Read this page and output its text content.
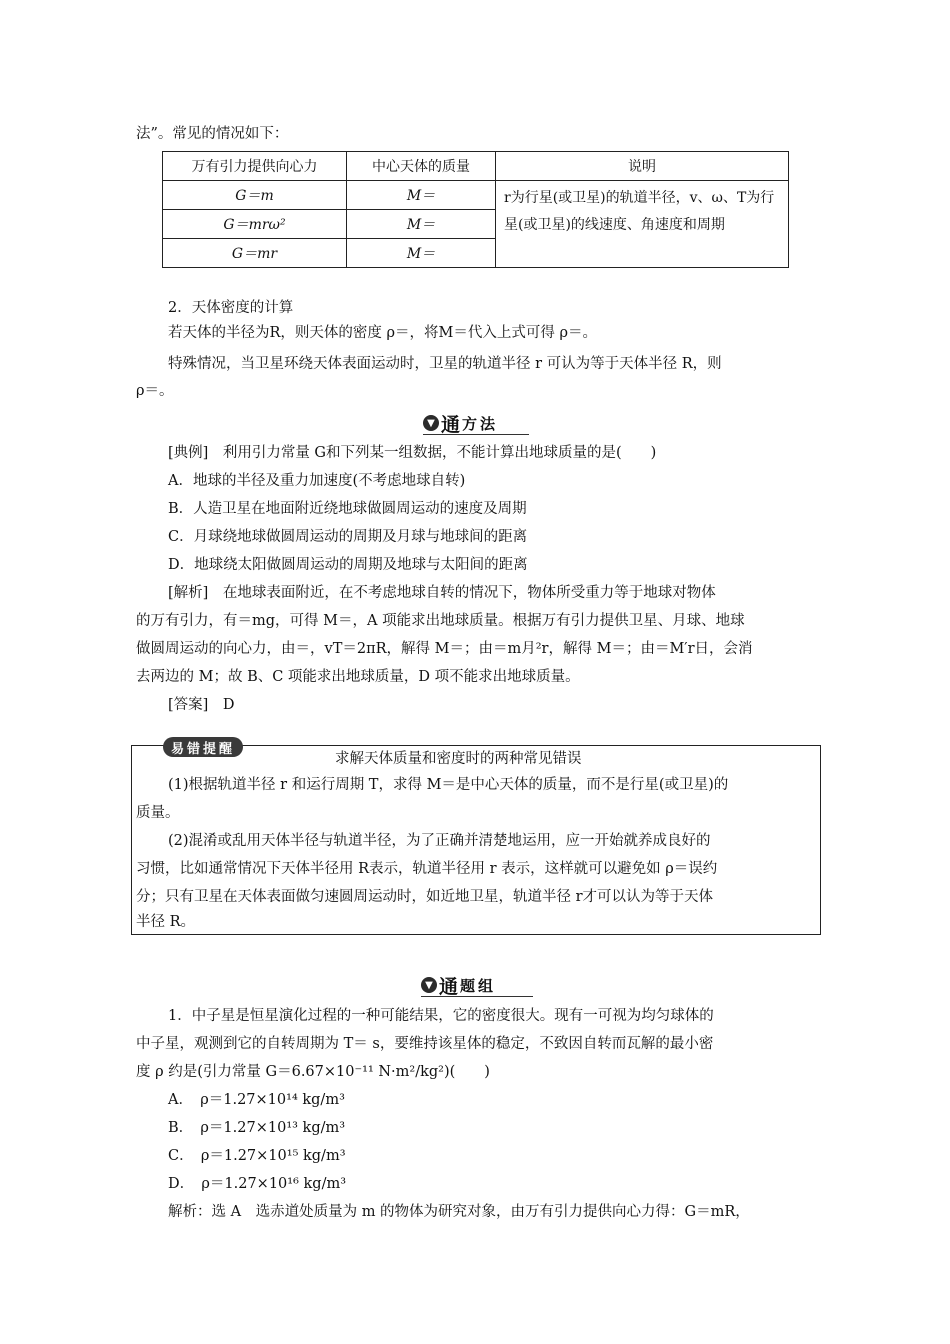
法”。常见的情况如下：
万有引力提供向心力	中心天体的质量	说明
G＝m	M＝	r为行星(或卫星)的轨道半径，v、ω、T为行星(或卫星)的线速度、角速度和周期
G＝mrω²	M＝	
G＝mr	M＝	
2．天体密度的计算
若天体的半径为R，则天体的密度 ρ＝，将M＝代入上式可得 ρ＝。
特殊情况，当卫星环绕天体表面运动时，卫星的轨道半径 r 可认为等于天体半径 R，则
ρ＝。
▼ 通 方法
[典例]　利用引力常量 G和下列某一组数据，不能计算出地球质量的是(　　)
A．地球的半径及重力加速度(不考虑地球自转)
B．人造卫星在地面附近绕地球做圆周运动的速度及周期
C．月球绕地球做圆周运动的周期及月球与地球间的距离
D．地球绕太阳做圆周运动的周期及地球与太阳间的距离
[解析]　在地球表面附近，在不考虑地球自转的情况下，物体所受重力等于地球对物体
的万有引力，有＝mg，可得 M＝，A 项能求出地球质量。根据万有引力提供卫星、月球、地球
做圆周运动的向心力，由＝，vT＝2πR，解得 M＝；由＝m月²r，解得 M＝；由＝M′r日，会消
去两边的 M；故 B、C 项能求出地球质量，D 项不能求出地球质量。
[答案]　D
易错提醒
求解天体质量和密度时的两种常见错误
(1)根据轨道半径 r 和运行周期 T，求得 M＝是中心天体的质量，而不是行星(或卫星)的
质量。
(2)混淆或乱用天体半径与轨道半径，为了正确并清楚地运用，应一开始就养成良好的
习惯，比如通常情况下天体半径用 R表示，轨道半径用 r 表示，这样就可以避免如 ρ＝误约
分；只有卫星在天体表面做匀速圆周运动时，如近地卫星，轨道半径 r才可以认为等于天体
半径 R。
▼ 通 题组
1．中子星是恒星演化过程的一种可能结果，它的密度很大。现有一可视为均匀球体的
中子星，观测到它的自转周期为 T＝ s，要维持该星体的稳定，不致因自转而瓦解的最小密
度 ρ 约是(引力常量 G＝6.67×10⁻¹¹ N·m²/kg²)(　　)
A．　ρ＝1.27×10¹⁴ kg/m³
B．　ρ＝1.27×10¹³ kg/m³
C．　ρ＝1.27×10¹⁵ kg/m³
D．　ρ＝1.27×10¹⁶ kg/m³
解析：选 A　选赤道处质量为 m 的物体为研究对象，由万有引力提供向心力得：G＝mR，
